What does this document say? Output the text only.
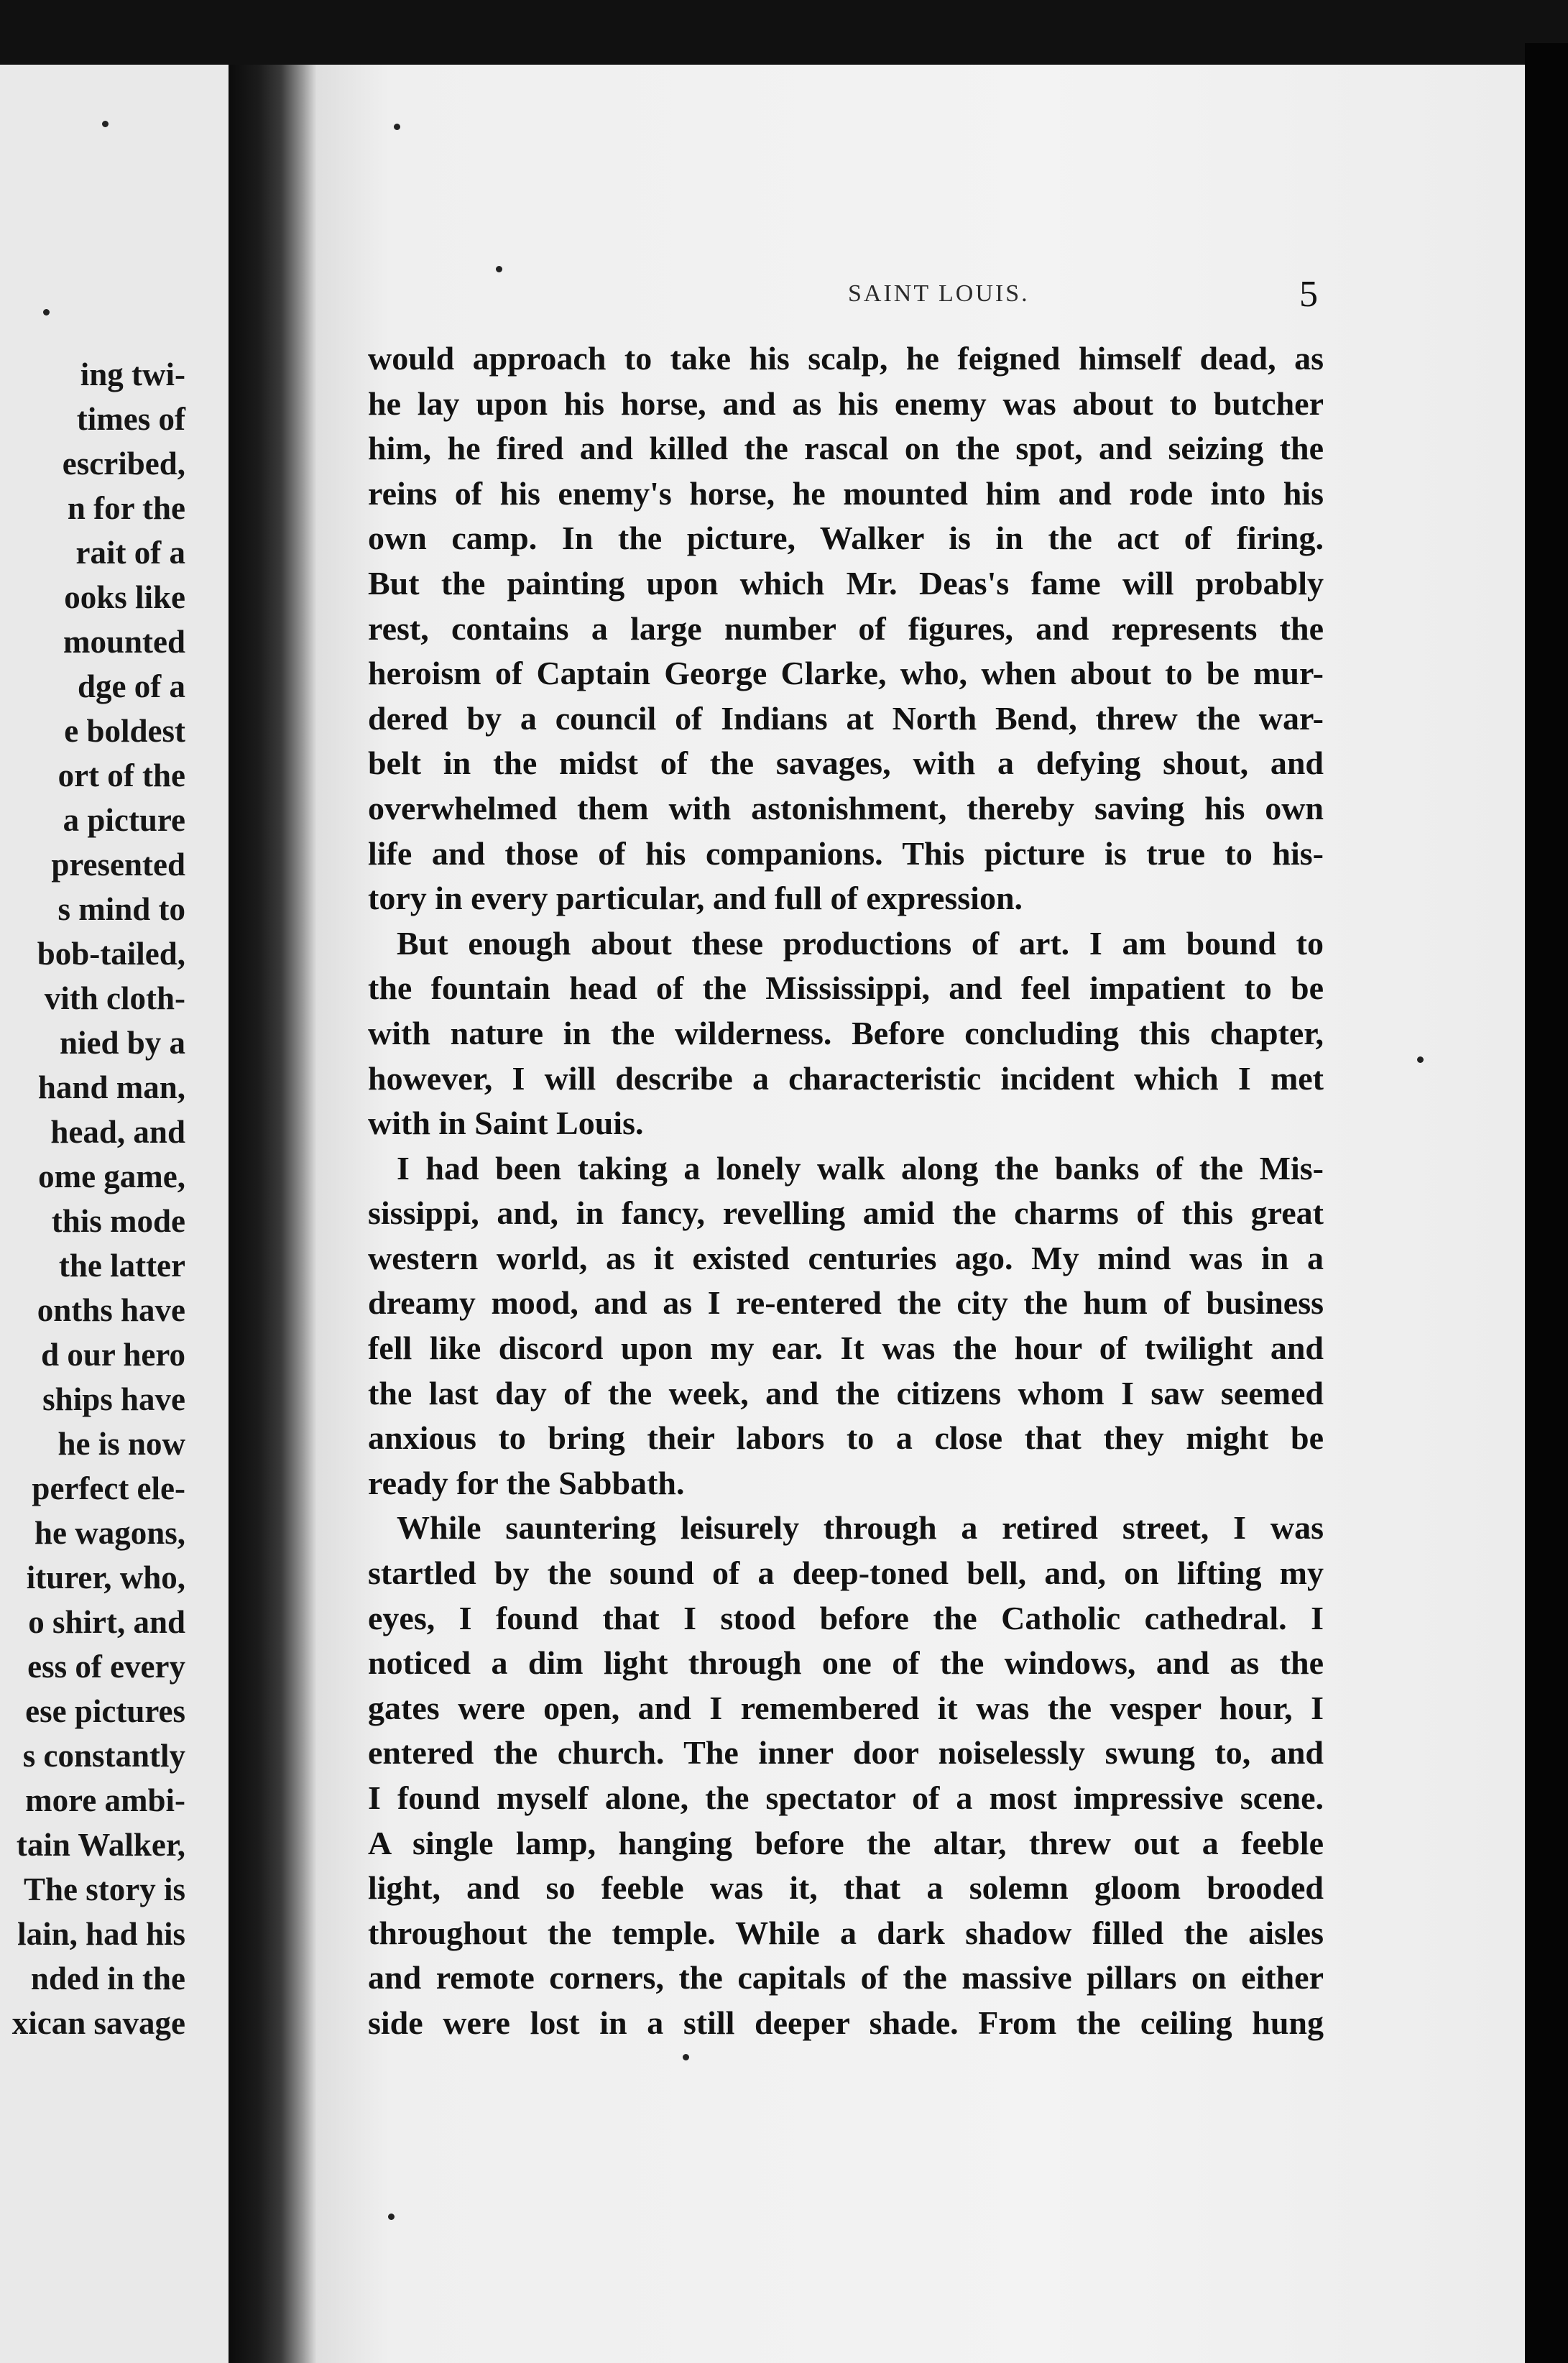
ing twi-
times of
escribed,
n for the
rait of a
ooks like
mounted
dge of a
e boldest
ort of the
a picture
presented
s mind to
bob-tailed,
vith cloth-
nied by a
hand man,
head, and
ome game,
this mode
the latter
onths have
d our hero
ships have
he is now
perfect ele-
he wagons,
iturer, who,
o shirt, and
ess of every
ese pictures
s constantly
more ambi-
tain Walker,
The story is
lain, had his
nded in the
xican savage
SAINT LOUIS.	5
would approach to take his scalp, he feigned himself dead, as
he lay upon his horse, and as his enemy was about to butcher
him, he fired and killed the rascal on the spot, and seizing the
reins of his enemy's horse, he mounted him and rode into his
own camp. In the picture, Walker is in the act of firing.
But the painting upon which Mr. Deas's fame will probably
rest, contains a large number of figures, and represents the
heroism of Captain George Clarke, who, when about to be mur-
dered by a council of Indians at North Bend, threw the war-
belt in the midst of the savages, with a defying shout, and
overwhelmed them with astonishment, thereby saving his own
life and those of his companions. This picture is true to his-
tory in every particular, and full of expression.
But enough about these productions of art. I am bound to
the fountain head of the Mississippi, and feel impatient to be
with nature in the wilderness. Before concluding this chapter,
however, I will describe a characteristic incident which I met
with in Saint Louis.
I had been taking a lonely walk along the banks of the Mis-
sissippi, and, in fancy, revelling amid the charms of this great
western world, as it existed centuries ago. My mind was in a
dreamy mood, and as I re-entered the city the hum of business
fell like discord upon my ear. It was the hour of twilight and
the last day of the week, and the citizens whom I saw seemed
anxious to bring their labors to a close that they might be
ready for the Sabbath.
While sauntering leisurely through a retired street, I was
startled by the sound of a deep-toned bell, and, on lifting my
eyes, I found that I stood before the Catholic cathedral. I
noticed a dim light through one of the windows, and as the
gates were open, and I remembered it was the vesper hour, I
entered the church. The inner door noiselessly swung to, and
I found myself alone, the spectator of a most impressive scene.
A single lamp, hanging before the altar, threw out a feeble
light, and so feeble was it, that a solemn gloom brooded
throughout the temple. While a dark shadow filled the aisles
and remote corners, the capitals of the massive pillars on either
side were lost in a still deeper shade. From the ceiling hung
